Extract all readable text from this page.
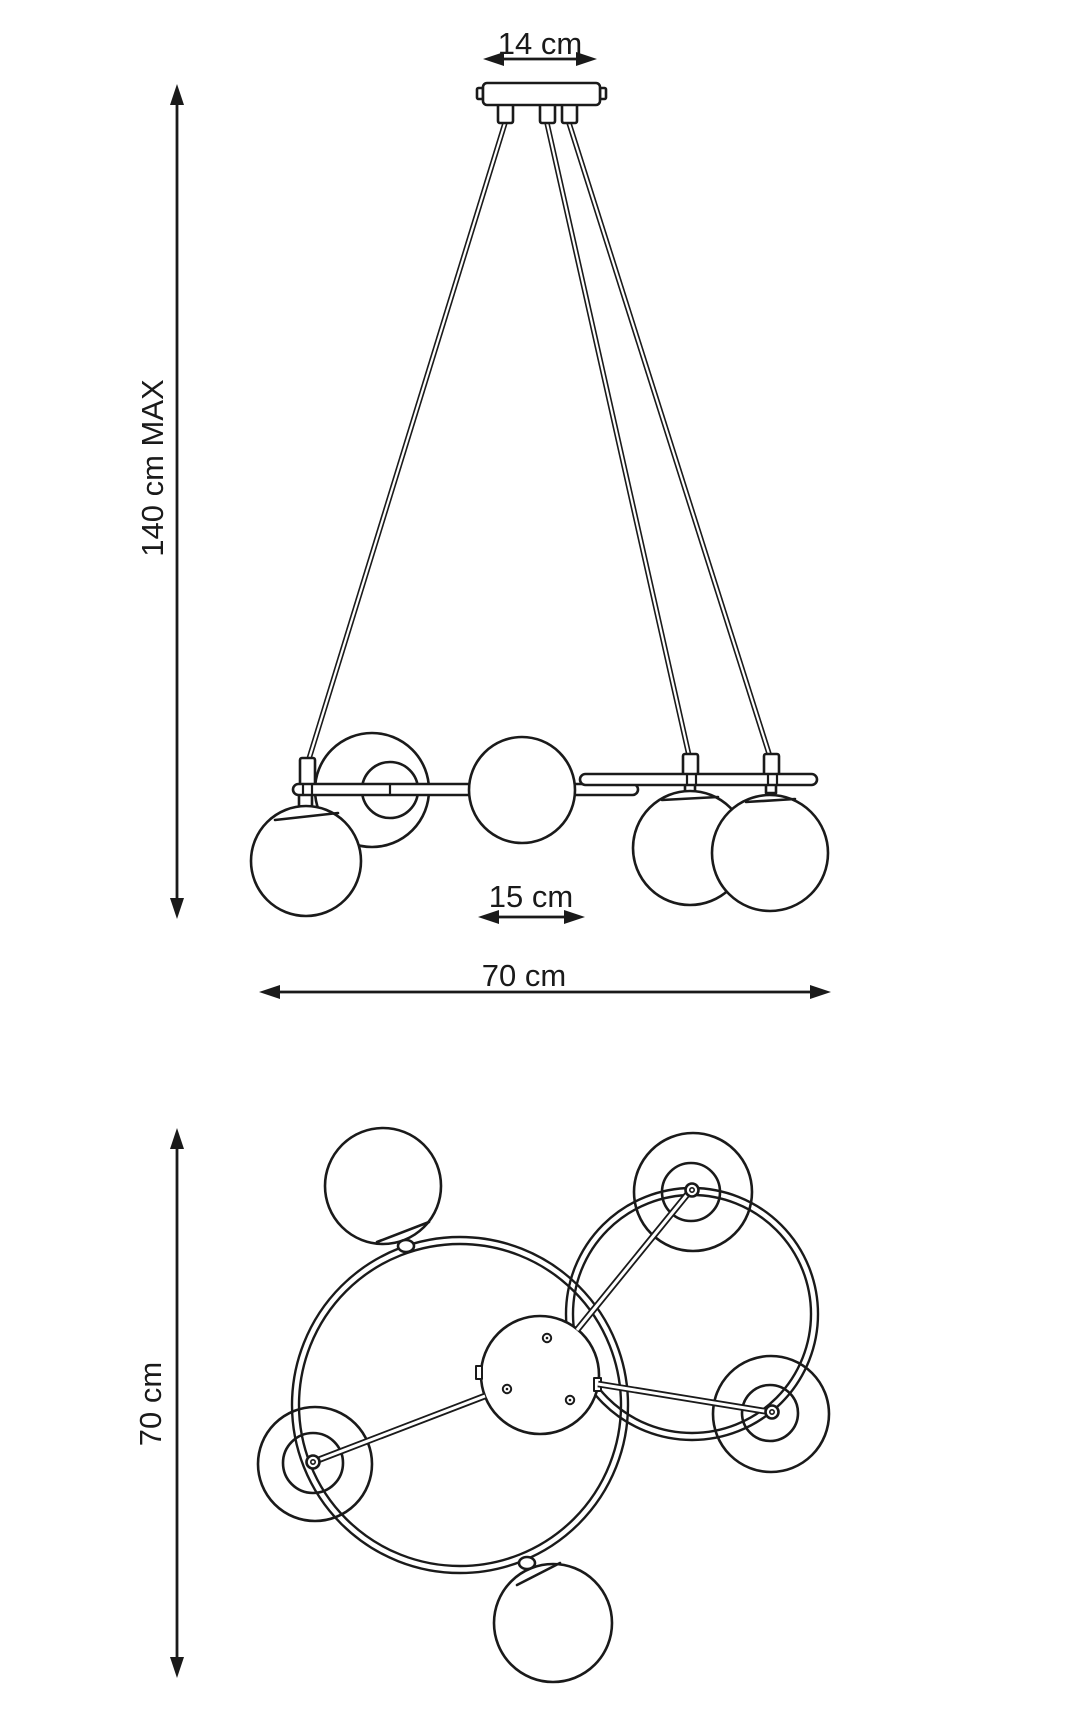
14 cm
140 cm MAX
15 cm
70 cm
70 cm
